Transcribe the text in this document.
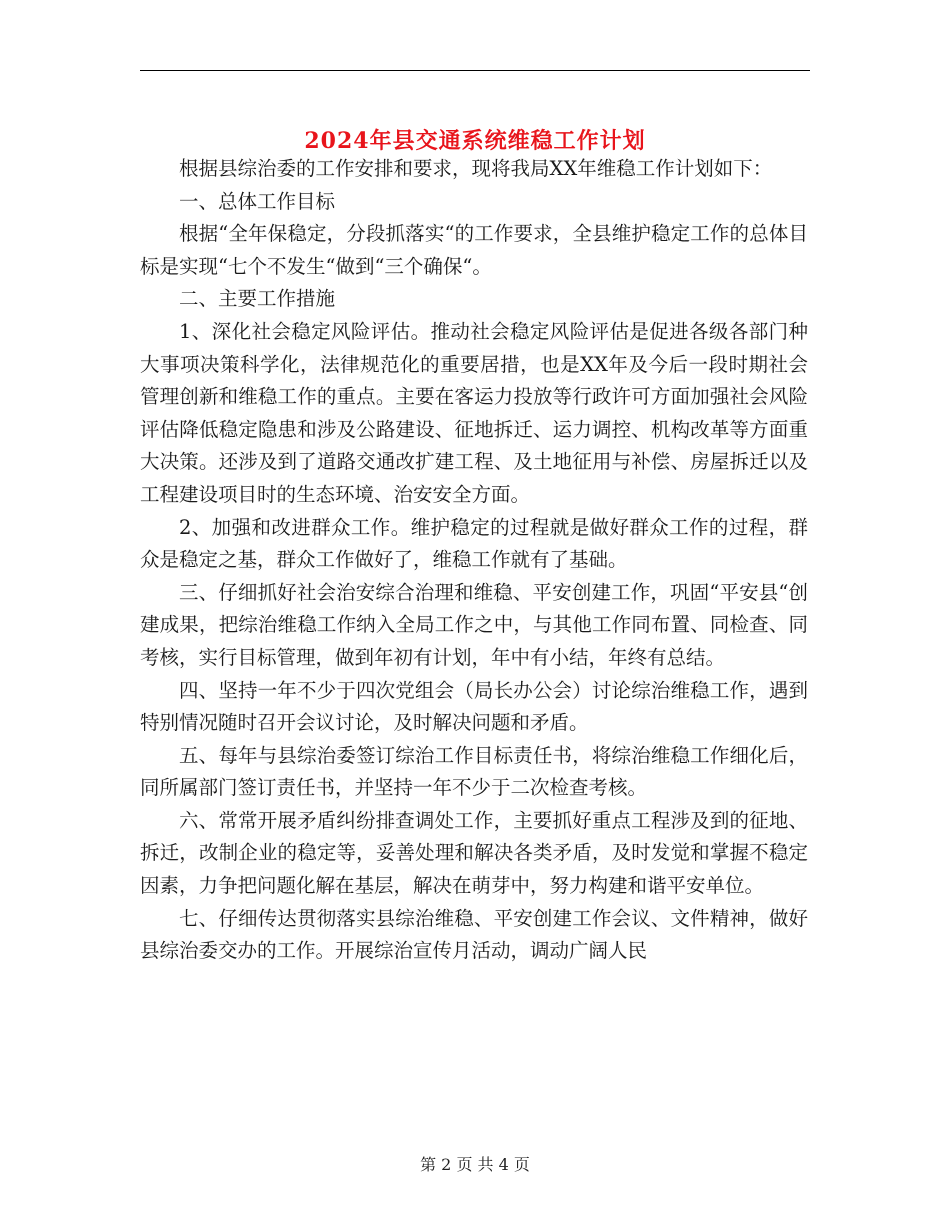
2024年县交通系统维稳工作计划

根据县综治委的工作安排和要求，现将我局XX年维稳工作计划如下：

一、总体工作目标

根据“全年保稳定，分段抓落实“的工作要求，全县维护稳定工作的总体目标是实现“七个不发生“做到“三个确保“。

二、主要工作措施

1、深化社会稳定风险评估。推动社会稳定风险评估是促进各级各部门种大事项决策科学化，法律规范化的重要居措，也是XX年及今后一段时期社会管理创新和维稳工作的重点。主要在客运力投放等行政许可方面加强社会风险评估降低稳定隐患和涉及公路建设、征地拆迁、运力调控、机构改革等方面重大决策。还涉及到了道路交通改扩建工程、及土地征用与补偿、房屋拆迁以及工程建设项目时的生态环境、治安安全方面。

2、加强和改进群众工作。维护稳定的过程就是做好群众工作的过程，群众是稳定之基，群众工作做好了，维稳工作就有了基础。

三、仔细抓好社会治安综合治理和维稳、平安创建工作，巩固“平安县“创建成果，把综治维稳工作纳入全局工作之中，与其他工作同布置、同检查、同考核，实行目标管理，做到年初有计划，年中有小结，年终有总结。

四、坚持一年不少于四次党组会（局长办公会）讨论综治维稳工作，遇到特别情况随时召开会议讨论，及时解决问题和矛盾。

五、每年与县综治委签订综治工作目标责任书，将综治维稳工作细化后，同所属部门签订责任书，并坚持一年不少于二次检查考核。

六、常常开展矛盾纠纷排查调处工作，主要抓好重点工程涉及到的征地、拆迁，改制企业的稳定等，妥善处理和解决各类矛盾，及时发觉和掌握不稳定因素，力争把问题化解在基层，解决在萌芽中，努力构建和谐平安单位。

七、仔细传达贯彻落实县综治维稳、平安创建工作会议、文件精神，做好县综治委交办的工作。开展综治宣传月活动，调动广阔人民

第 2 页 共 4 页
